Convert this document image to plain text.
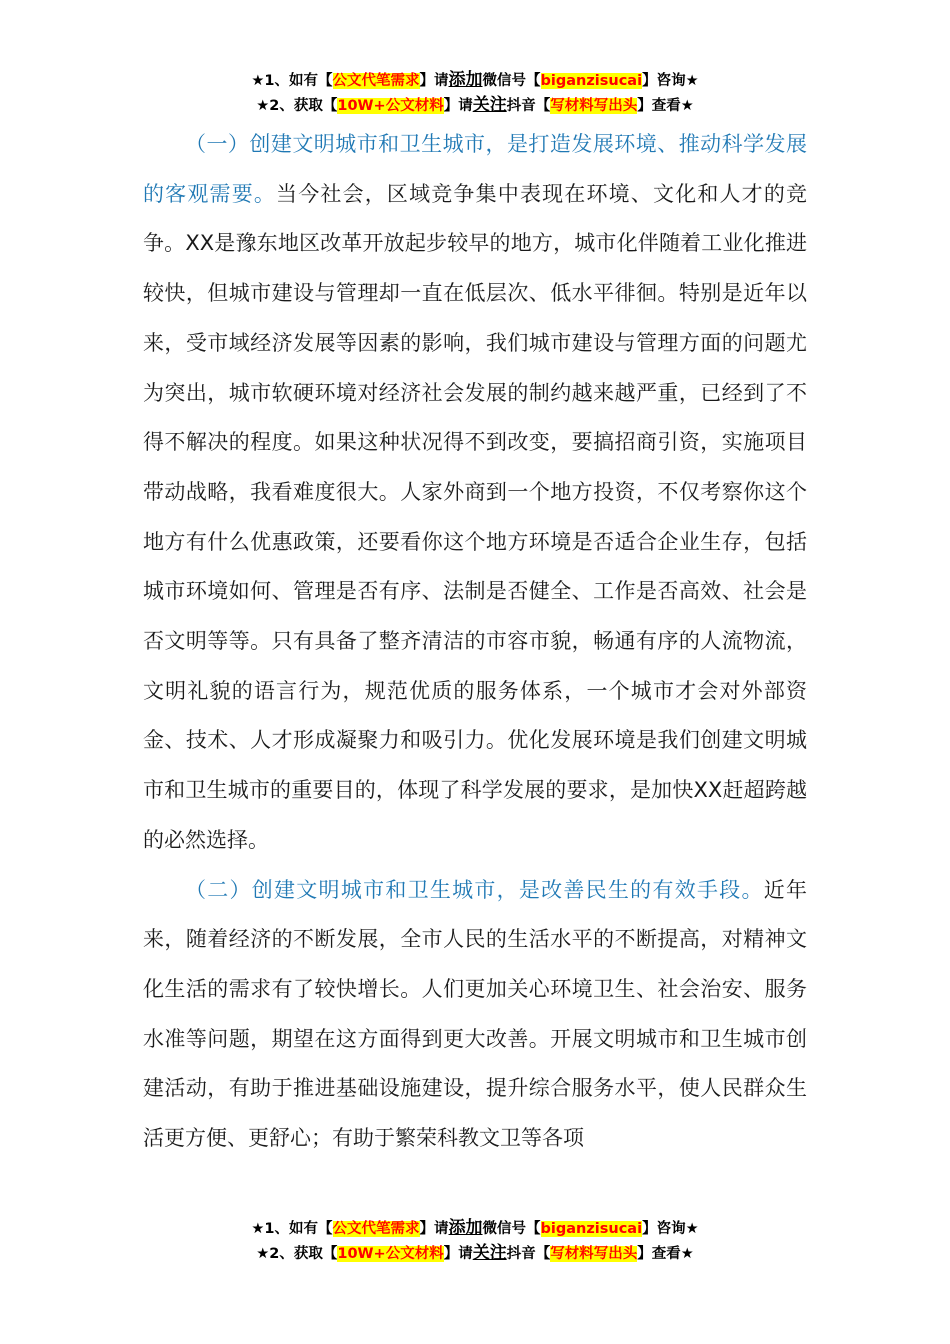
★1、如有【公文代笔需求】请添加微信号【biganzisucai】咨询★
★2、获取【10W+公文材料】请关注抖音【写材料写出头】查看★

（一）创建文明城市和卫生城市，是打造发展环境、推动科学发展的客观需要。当今社会，区域竞争集中表现在环境、文化和人才的竞争。XX是豫东地区改革开放起步较早的地方，城市化伴随着工业化推进较快，但城市建设与管理却一直在低层次、低水平徘徊。特别是近年以来，受市域经济发展等因素的影响，我们城市建设与管理方面的问题尤为突出，城市软硬环境对经济社会发展的制约越来越严重，已经到了不得不解决的程度。如果这种状况得不到改变，要搞招商引资，实施项目带动战略，我看难度很大。人家外商到一个地方投资，不仅考察你这个地方有什么优惠政策，还要看你这个地方环境是否适合企业生存，包括城市环境如何、管理是否有序、法制是否健全、工作是否高效、社会是否文明等等。只有具备了整齐清洁的市容市貌，畅通有序的人流物流，文明礼貌的语言行为，规范优质的服务体系，一个城市才会对外部资金、技术、人才形成凝聚力和吸引力。优化发展环境是我们创建文明城市和卫生城市的重要目的，体现了科学发展的要求，是加快XX赶超跨越的必然选择。

（二）创建文明城市和卫生城市，是改善民生的有效手段。近年来，随着经济的不断发展，全市人民的生活水平的不断提高，对精神文化生活的需求有了较快增长。人们更加关心环境卫生、社会治安、服务水准等问题，期望在这方面得到更大改善。开展文明城市和卫生城市创建活动，有助于推进基础设施建设，提升综合服务水平，使人民群众生活更方便、更舒心；有助于繁荣科教文卫等各项

★1、如有【公文代笔需求】请添加微信号【biganzisucai】咨询★
★2、获取【10W+公文材料】请关注抖音【写材料写出头】查看★
